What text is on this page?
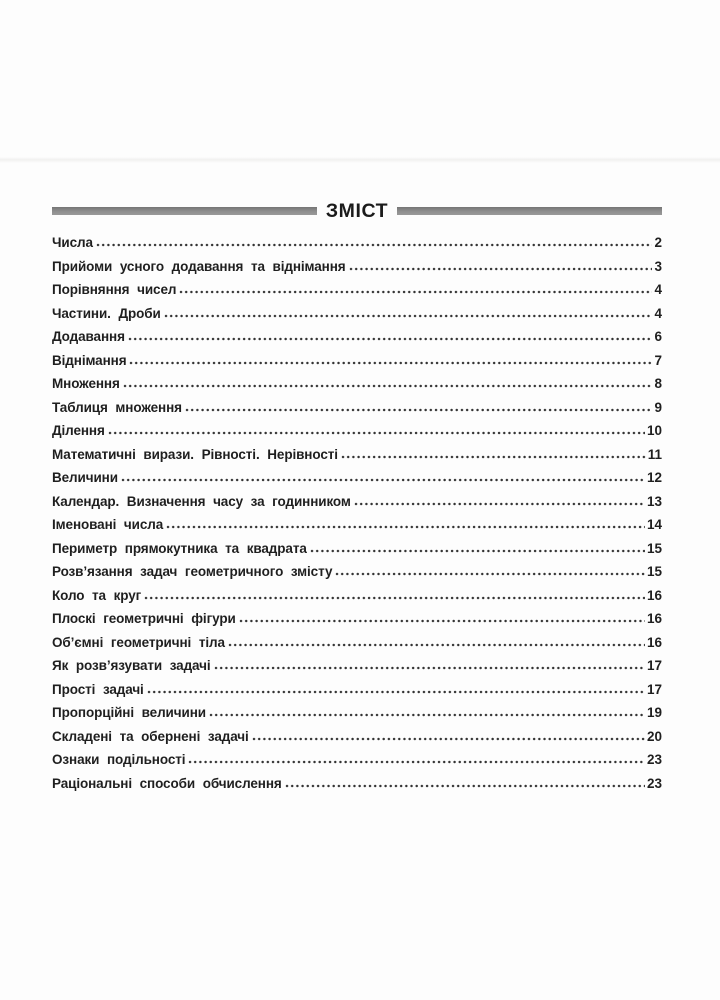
ЗМІСТ
Числа	2
Прийоми усного додавання та віднімання	3
Порівняння чисел	4
Частини. Дроби	4
Додавання	6
Віднімання	7
Множення	8
Таблиця множення	9
Ділення	10
Математичні вирази. Рівності. Нерівності	11
Величини	12
Календар. Визначення часу за годинником	13
Іменовані числа	14
Периметр прямокутника та квадрата	15
Розв’язання задач геометричного змісту	15
Коло та круг	16
Плоскі геометричні фігури	16
Об’ємні геометричні тіла	16
Як розв’язувати задачі	17
Прості задачі	17
Пропорційні величини	19
Складені та обернені задачі	20
Ознаки подільності	23
Раціональні способи обчислення	23
